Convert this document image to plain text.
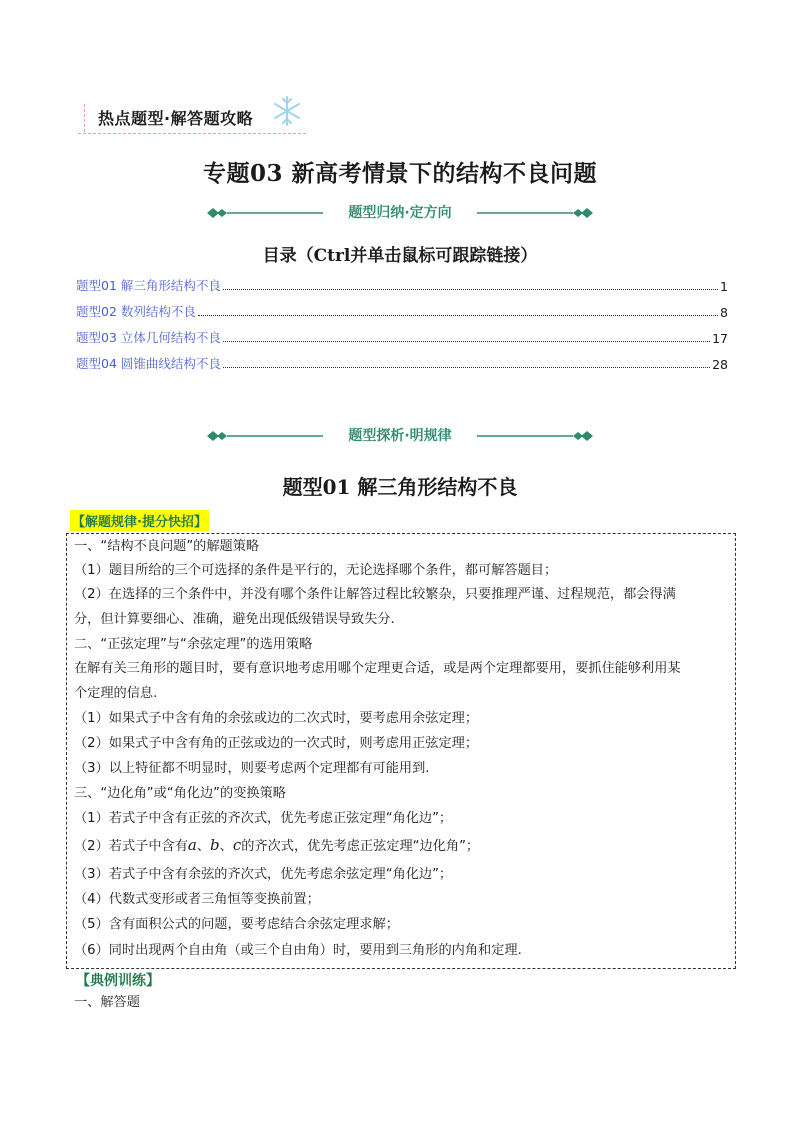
热点题型·解答题攻略
专题03 新高考情景下的结构不良问题
题型归纳·定方向
目录（Ctrl并单击鼠标可跟踪链接）
题型01 解三角形结构不良	1
题型02 数列结构不良	8
题型03 立体几何结构不良	17
题型04 圆锥曲线结构不良	28
题型探析·明规律
题型01 解三角形结构不良
【解题规律·提分快招】
一、“结构不良问题”的解题策略
（1）题目所给的三个可选择的条件是平行的，无论选择哪个条件，都可解答题目；
（2）在选择的三个条件中，并没有哪个条件让解答过程比较繁杂，只要推理严谨、过程规范，都会得满
分，但计算要细心、准确，避免出现低级错误导致失分.
二、“正弦定理”与“余弦定理”的选用策略
在解有关三角形的题目时，要有意识地考虑用哪个定理更合适，或是两个定理都要用，要抓住能够利用某
个定理的信息.
（1）如果式子中含有角的余弦或边的二次式时，要考虑用余弦定理；
（2）如果式子中含有角的正弦或边的一次式时，则考虑用正弦定理；
（3）以上特征都不明显时，则要考虑两个定理都有可能用到.
三、“边化角”或“角化边”的变换策略
（1）若式子中含有正弦的齐次式，优先考虑正弦定理“角化边”；
（2）若式子中含有a、b、c的齐次式，优先考虑正弦定理“边化角”；
（3）若式子中含有余弦的齐次式，优先考虑余弦定理“角化边”；
（4）代数式变形或者三角恒等变换前置；
（5）含有面积公式的问题，要考虑结合余弦定理求解；
（6）同时出现两个自由角（或三个自由角）时，要用到三角形的内角和定理.
【典例训练】
一、解答题
